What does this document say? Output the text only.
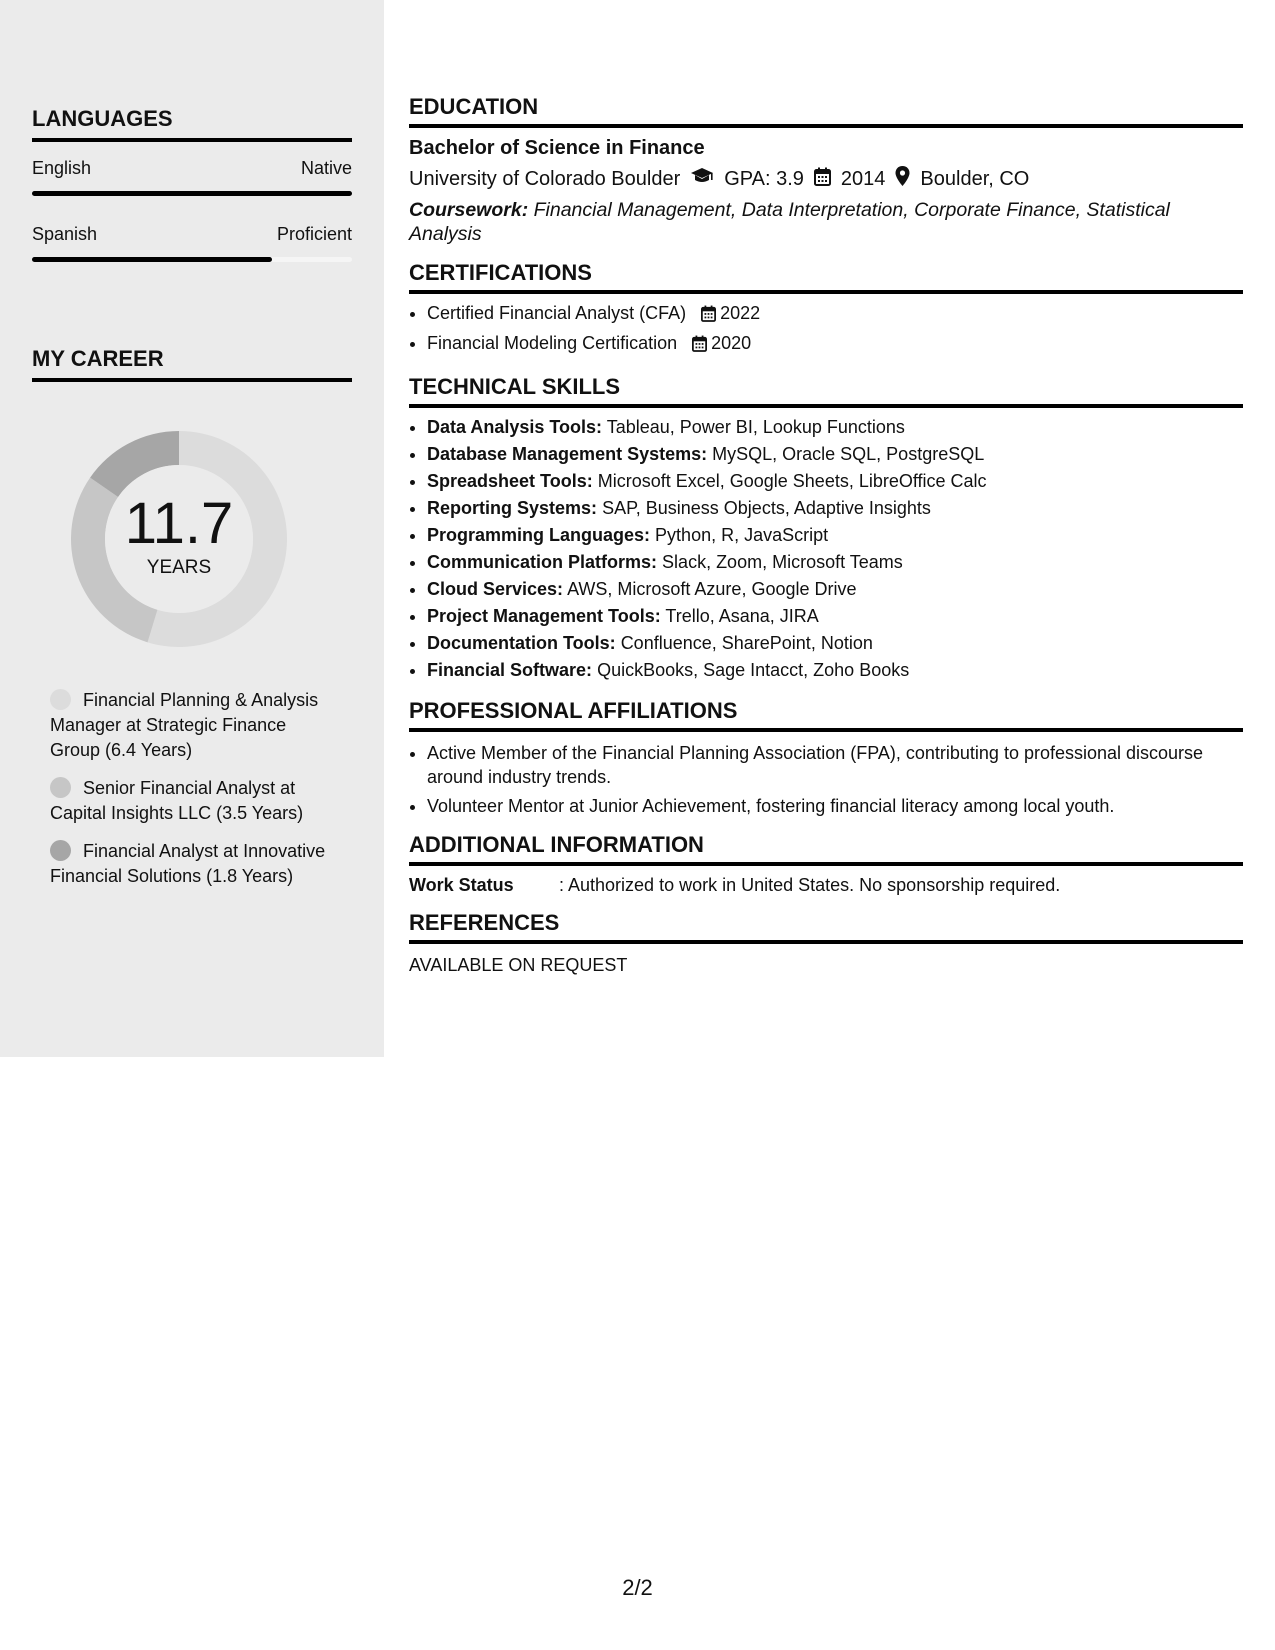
LANGUAGES
English	Native
Spanish	Proficient
MY CAREER
11.7
YEARS
Financial Planning & Analysis Manager at Strategic Finance Group (6.4 Years)
Senior Financial Analyst at Capital Insights LLC (3.5 Years)
Financial Analyst at Innovative Financial Solutions (1.8 Years)
EDUCATION
Bachelor of Science in Finance
University of Colorado Boulder GPA: 3.9 2014 Boulder, CO
Coursework: Financial Management, Data Interpretation, Corporate Finance, Statistical Analysis
CERTIFICATIONS
• Certified Financial Analyst (CFA) 2022
• Financial Modeling Certification 2020
TECHNICAL SKILLS
• Data Analysis Tools: Tableau, Power BI, Lookup Functions
• Database Management Systems: MySQL, Oracle SQL, PostgreSQL
• Spreadsheet Tools: Microsoft Excel, Google Sheets, LibreOffice Calc
• Reporting Systems: SAP, Business Objects, Adaptive Insights
• Programming Languages: Python, R, JavaScript
• Communication Platforms: Slack, Zoom, Microsoft Teams
• Cloud Services: AWS, Microsoft Azure, Google Drive
• Project Management Tools: Trello, Asana, JIRA
• Documentation Tools: Confluence, SharePoint, Notion
• Financial Software: QuickBooks, Sage Intacct, Zoho Books
PROFESSIONAL AFFILIATIONS
• Active Member of the Financial Planning Association (FPA), contributing to professional discourse around industry trends.
• Volunteer Mentor at Junior Achievement, fostering financial literacy among local youth.
ADDITIONAL INFORMATION
Work Status	: Authorized to work in United States. No sponsorship required.
REFERENCES
AVAILABLE ON REQUEST
2/2
